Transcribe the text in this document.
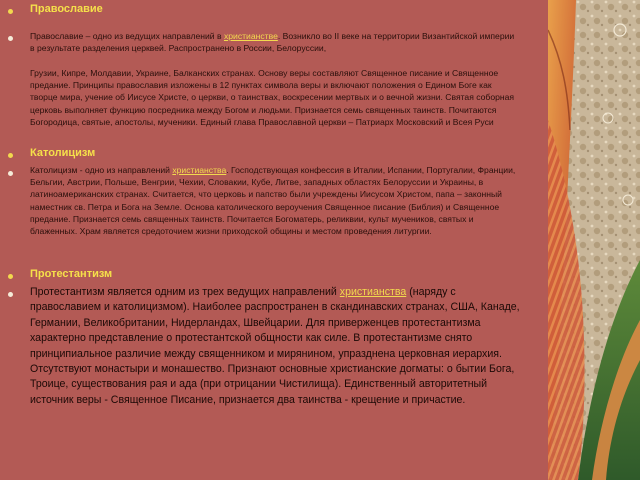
Православие
Православие – одно из ведущих направлений в христианстве. Возникло во II веке на территории Византийской империи в результате разделения церквей. Распространено в России, Белоруссии,
Грузии, Кипре, Молдавии, Украине, Балканских странах. Основу веры составляют Священное писание и Священное предание. Принципы православия изложены в 12 пунктах символа веры и включают положения о Едином Боге как творце мира, учение об Иисусе Христе, о церкви, о таинствах, воскресении мертвых и о вечной жизни. Святая соборная церковь выполняет функцию посредника между Богом и людьми. Признается семь священных таинств. Почитаются Богородица, святые, апостолы, мученики. Единый глава Православной церкви – Патриарх Московский и Всея Руси
Католицизм
Католицизм - одно из направлений христианства. Господствующая конфессия в Италии, Испании, Португалии, Франции, Бельгии, Австрии, Польше, Венгрии, Чехии, Словакии, Кубе, Литве, западных областях Белоруссии и Украины, в латиноамериканских странах. Считается, что церковь и папство были учреждены Иисусом Христом, папа – законный наместник св. Петра и Бога на Земле. Основа католического вероучения Священное писание (Библия) и Священное предание. Признается семь священных таинств. Почитается Богоматерь, реликвии, культ мучеников, святых и блаженных. Храм является средоточием жизни приходской общины и местом проведения литургии.
Протестантизм
Протестантизм является одним из трех ведущих направлений христианства (наряду с православием и католицизмом). Наиболее распространен в скандинавских странах, США, Канаде, Германии, Великобритании, Нидерландах, Швейцарии. Для приверженцев протестантизма характерно представление о протестантской общности как силе. В протестантизме снято принципиальное различие между священником и мирянином, упразднена церковная иерархия. Отсутствуют монастыри и монашество. Признают основные христианские догматы: о бытии Бога, Троице, существования рая и ада (при отрицании Чистилища). Единственный авторитетный источник веры - Священное Писание, признается два таинства - крещение и причастие.
